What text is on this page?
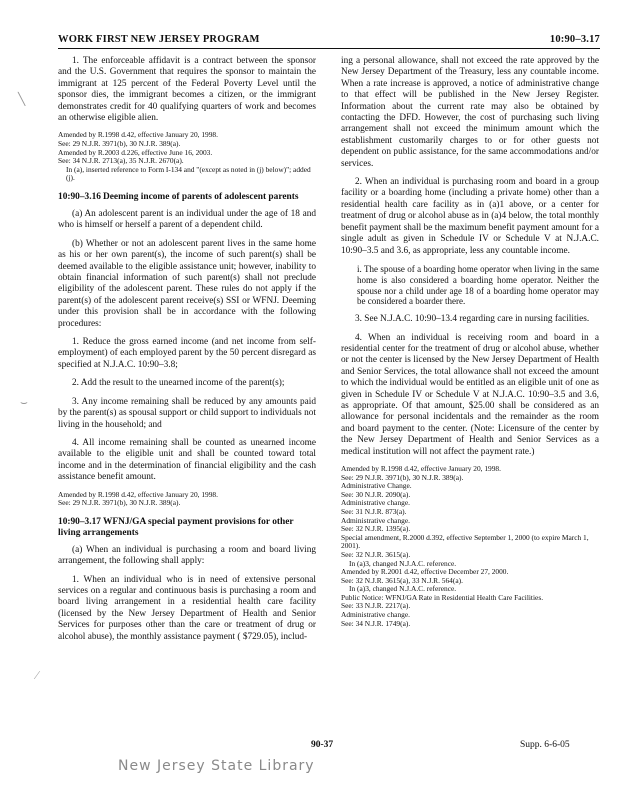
WORK FIRST NEW JERSEY PROGRAM	10:90–3.17
╲
⌣
∕

1. The enforceable affidavit is a contract between the sponsor and the U.S. Government that requires the sponsor to maintain the immigrant at 125 percent of the Federal Poverty Level until the sponsor dies, the immigrant becomes a citizen, or the immigrant demonstrates credit for 40 qualifying quarters of work and becomes an otherwise eligible alien.

Amended by R.1998 d.42, effective January 20, 1998.
See: 29 N.J.R. 3971(b), 30 N.J.R. 389(a).
Amended by R.2003 d.226, effective June 16, 2003.
See: 34 N.J.R. 2713(a), 35 N.J.R. 2670(a).
In (a), inserted reference to Form I-134 and "(except as noted in (j) below)"; added (j).
10:90–3.16 Deeming income of parents of adolescent parents

(a) An adolescent parent is an individual under the age of 18 and who is himself or herself a parent of a dependent child.

(b) Whether or not an adolescent parent lives in the same home as his or her own parent(s), the income of such parent(s) shall be deemed available to the eligible assistance unit; however, inability to obtain financial information of such parent(s) shall not preclude eligibility of the adolescent parent. These rules do not apply if the parent(s) of the adolescent parent receive(s) SSI or WFNJ. Deeming under this provision shall be in accordance with the following procedures:

1. Reduce the gross earned income (and net income from self-employment) of each employed parent by the 50 percent disregard as specified at N.J.A.C. 10:90–3.8;

2. Add the result to the unearned income of the parent(s);

3. Any income remaining shall be reduced by any amounts paid by the parent(s) as spousal support or child support to individuals not living in the household; and

4. All income remaining shall be counted as unearned income available to the eligible unit and shall be counted toward total income and in the determination of financial eligibility and the cash assistance benefit amount.

Amended by R.1998 d.42, effective January 20, 1998.
See: 29 N.J.R. 3971(b), 30 N.J.R. 389(a).
10:90–3.17 WFNJ/GA special payment provisions for other living arrangements

(a) When an individual is purchasing a room and board living arrangement, the following shall apply:

1. When an individual who is in need of extensive personal services on a regular and continuous basis is purchasing a room and board living arrangement in a residential health care facility (licensed by the New Jersey Department of Health and Senior Services for purposes other than the care or treatment of drug or alcohol abuse), the monthly assistance payment ( $729.05), includ-

ing a personal allowance, shall not exceed the rate approved by the New Jersey Department of the Treasury, less any countable income. When a rate increase is approved, a notice of administrative change to that effect will be published in the New Jersey Register. Information about the current rate may also be obtained by contacting the DFD. However, the cost of purchasing such living arrangement shall not exceed the minimum amount which the establishment customarily charges to or for other guests not dependent on public assistance, for the same accommodations and/or services.

2. When an individual is purchasing room and board in a group facility or a boarding home (including a private home) other than a residential health care facility as in (a)1 above, or a center for treatment of drug or alcohol abuse as in (a)4 below, the total monthly benefit payment shall be the maximum benefit payment amount for a single adult as given in Schedule IV or Schedule V at N.J.A.C. 10:90–3.5 and 3.6, as appropriate, less any countable income.

i. The spouse of a boarding home operator when living in the same home is also considered a boarding home operator. Neither the spouse nor a child under age 18 of a boarding home operator may be considered a boarder there.

3. See N.J.A.C. 10:90–13.4 regarding care in nursing facilities.

4. When an individual is receiving room and board in a residential center for the treatment of drug or alcohol abuse, whether or not the center is licensed by the New Jersey Department of Health and Senior Services, the total allowance shall not exceed the amount to which the individual would be entitled as an eligible unit of one as given in Schedule IV or Schedule V at N.J.A.C. 10:90–3.5 and 3.6, as appropriate. Of that amount, $25.00 shall be considered as an allowance for personal incidentals and the remainder as the room and board payment to the center. (Note: Licensure of the center by the New Jersey Department of Health and Senior Services as a medical institution will not affect the payment rate.)

Amended by R.1998 d.42, effective January 20, 1998.
See: 29 N.J.R. 3971(b), 30 N.J.R. 389(a).
Administrative Change.
See: 30 N.J.R. 2090(a).
Administrative change.
See: 31 N.J.R. 873(a).
Administrative change.
See: 32 N.J.R. 1395(a).
Special amendment, R.2000 d.392, effective September 1, 2000 (to expire March 1, 2001).
See: 32 N.J.R. 3615(a).
In (a)3, changed N.J.A.C. reference.
Amended by R.2001 d.42, effective December 27, 2000.
See: 32 N.J.R. 3615(a), 33 N.J.R. 564(a).
In (a)3, changed N.J.A.C. reference.
Public Notice: WFNJ/GA Rate in Residential Health Care Facilities.
See: 33 N.J.R. 2217(a).
Administrative change.
See: 34 N.J.R. 1749(a).
90-37	Supp. 6-6-05
New Jersey State Library
